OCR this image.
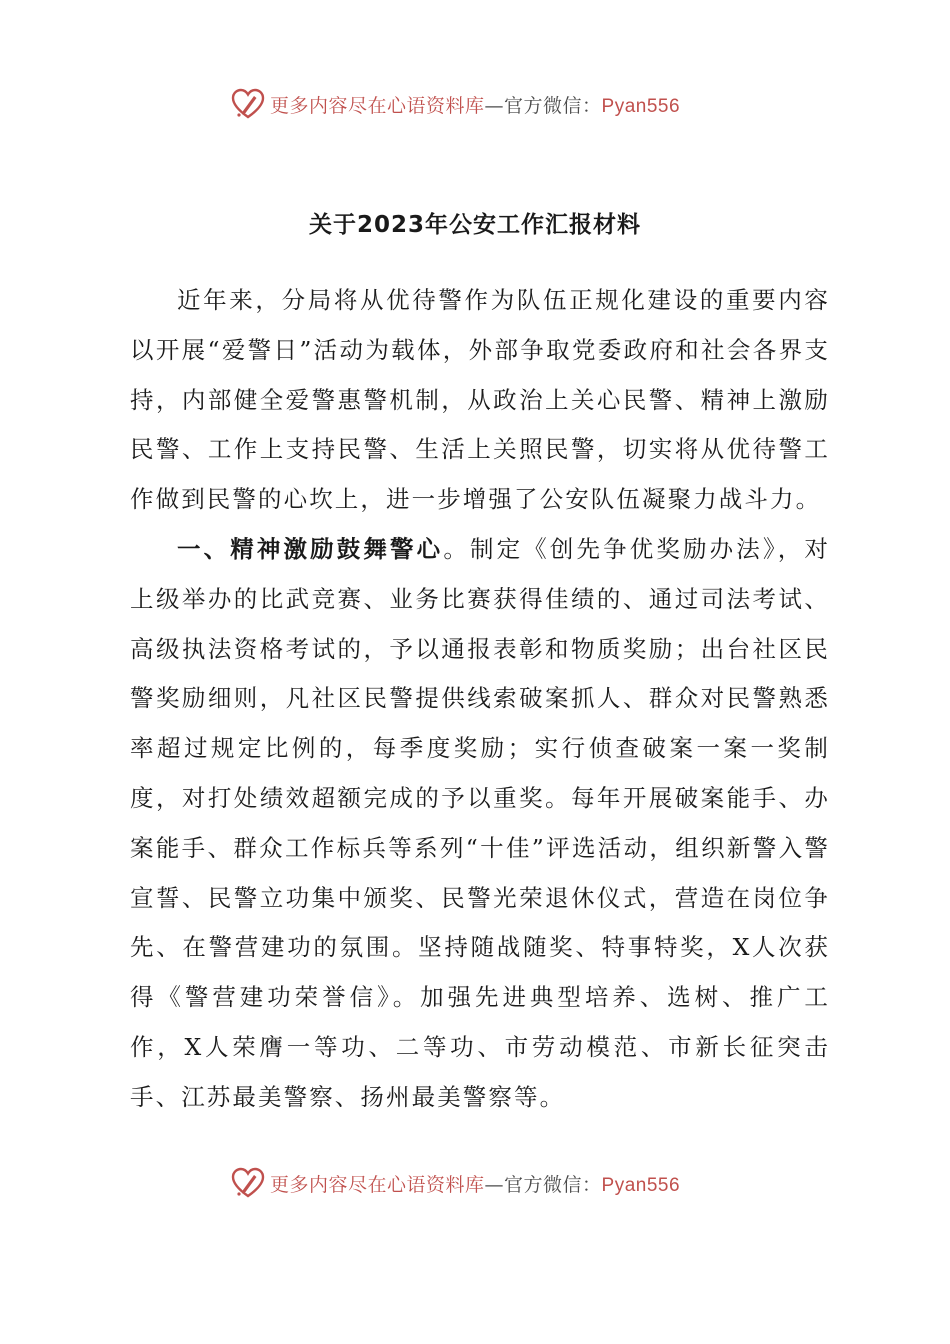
更多内容尽在心语资料库—官方微信：Pyan556
关于2023年公安工作汇报材料

近年来，分局将从优待警作为队伍正规化建设的重要内容以开展“爱警日”活动为载体，外部争取党委政府和社会各界支持，内部健全爱警惠警机制，从政治上关心民警、精神上激励民警、工作上支持民警、生活上关照民警，切实将从优待警工作做到民警的心坎上，进一步增强了公安队伍凝聚力战斗力。

一、精神激励鼓舞警心。制定《创先争优奖励办法》，对上级举办的比武竞赛、业务比赛获得佳绩的、通过司法考试、高级执法资格考试的，予以通报表彰和物质奖励；出台社区民警奖励细则，凡社区民警提供线索破案抓人、群众对民警熟悉率超过规定比例的，每季度奖励；实行侦查破案一案一奖制度，对打处绩效超额完成的予以重奖。每年开展破案能手、办案能手、群众工作标兵等系列“十佳”评选活动，组织新警入警宣誓、民警立功集中颁奖、民警光荣退休仪式，营造在岗位争先、在警营建功的氛围。坚持随战随奖、特事特奖，X人次获得《警营建功荣誉信》。加强先进典型培养、选树、推广工作，X人荣膺一等功、二等功、市劳动模范、市新长征突击手、江苏最美警察、扬州最美警察等。

更多内容尽在心语资料库—官方微信：Pyan556
